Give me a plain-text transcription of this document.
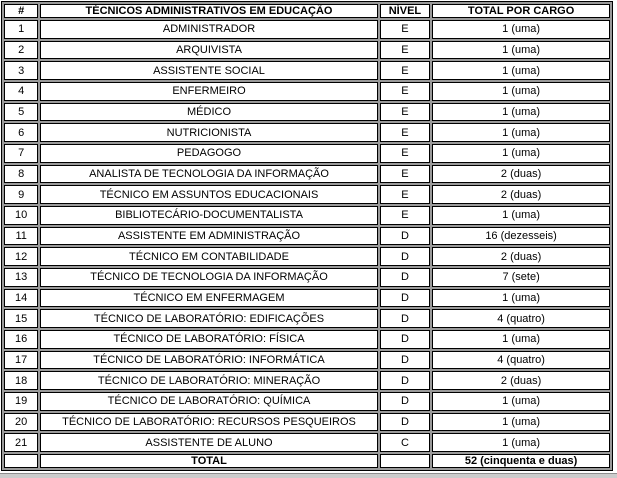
#	TÉCNICOS ADMINISTRATIVOS EM EDUCAÇÃO	NÍVEL	TOTAL POR CARGO
1	ADMINISTRADOR	E	1 (uma)
2	ARQUIVISTA	E	1 (uma)
3	ASSISTENTE SOCIAL	E	1 (uma)
4	ENFERMEIRO	E	1 (uma)
5	MÉDICO	E	1 (uma)
6	NUTRICIONISTA	E	1 (uma)
7	PEDAGOGO	E	1 (uma)
8	ANALISTA DE TECNOLOGIA DA INFORMAÇÃO	E	2 (duas)
9	TÉCNICO EM ASSUNTOS EDUCACIONAIS	E	2 (duas)
10	BIBLIOTECÁRIO-DOCUMENTALISTA	E	1 (uma)
11	ASSISTENTE EM ADMINISTRAÇÃO	D	16 (dezesseis)
12	TÉCNICO EM CONTABILIDADE	D	2 (duas)
13	TÉCNICO DE TECNOLOGIA DA INFORMAÇÃO	D	7 (sete)
14	TÉCNICO EM ENFERMAGEM	D	1 (uma)
15	TÉCNICO DE LABORATÓRIO: EDIFICAÇÕES	D	4 (quatro)
16	TÉCNICO DE LABORATÓRIO: FÍSICA	D	1 (uma)
17	TÉCNICO DE LABORATÓRIO: INFORMÁTICA	D	4 (quatro)
18	TÉCNICO DE LABORATÓRIO: MINERAÇÃO	D	2 (duas)
19	TÉCNICO DE LABORATÓRIO: QUÍMICA	D	1 (uma)
20	TÉCNICO DE LABORATÓRIO: RECURSOS PESQUEIROS	D	1 (uma)
21	ASSISTENTE DE ALUNO	C	1 (uma)
	TOTAL		52 (cinquenta e duas)
